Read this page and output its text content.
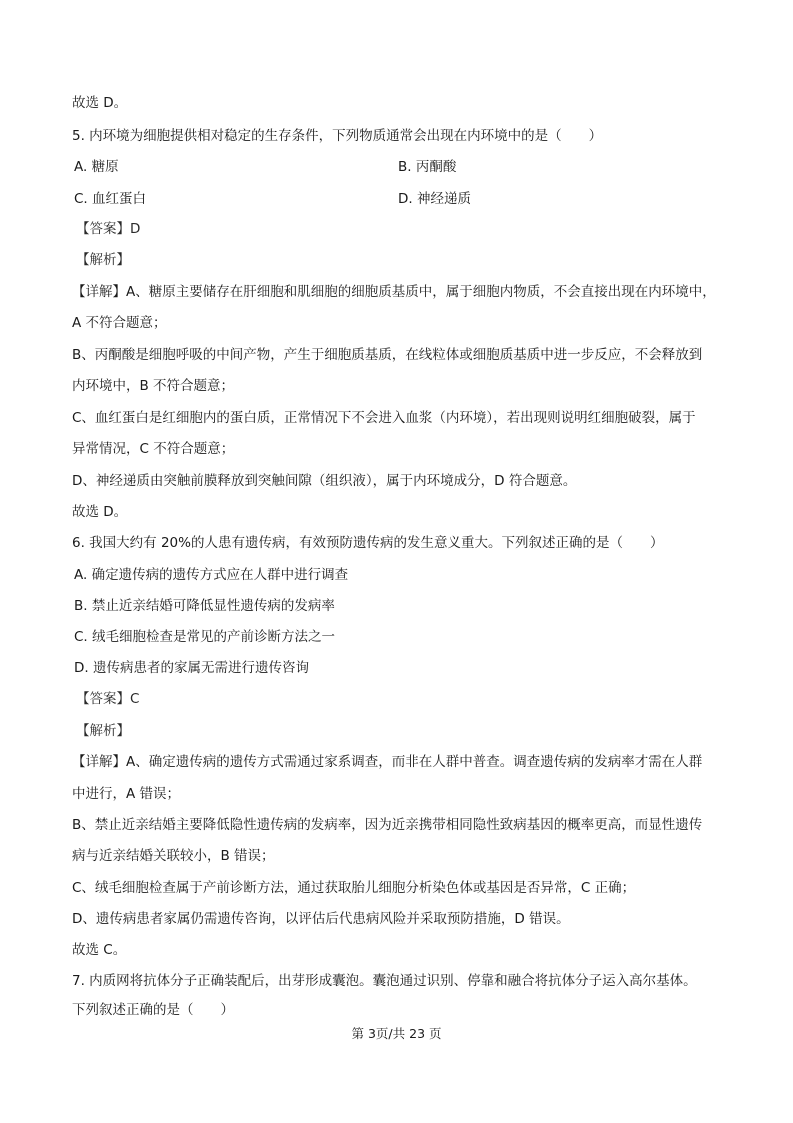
故选 D。
5. 内环境为细胞提供相对稳定的生存条件，下列物质通常会出现在内环境中的是（　　）
A. 糖原	B. 丙酮酸
C. 血红蛋白	D. 神经递质
【答案】D
【解析】
【详解】A、糖原主要储存在肝细胞和肌细胞的细胞质基质中，属于细胞内物质，不会直接出现在内环境中，
A 不符合题意；
B、丙酮酸是细胞呼吸的中间产物，产生于细胞质基质，在线粒体或细胞质基质中进一步反应，不会释放到
内环境中，B 不符合题意；
C、血红蛋白是红细胞内的蛋白质，正常情况下不会进入血浆（内环境），若出现则说明红细胞破裂，属于
异常情况，C 不符合题意；
D、神经递质由突触前膜释放到突触间隙（组织液），属于内环境成分，D 符合题意。
故选 D。
6. 我国大约有 20%的人患有遗传病，有效预防遗传病的发生意义重大。下列叙述正确的是（　　）
A. 确定遗传病的遗传方式应在人群中进行调查
B. 禁止近亲结婚可降低显性遗传病的发病率
C. 绒毛细胞检查是常见的产前诊断方法之一
D. 遗传病患者的家属无需进行遗传咨询
【答案】C
【解析】
【详解】A、确定遗传病的遗传方式需通过家系调查，而非在人群中普查。调查遗传病的发病率才需在人群
中进行，A 错误；
B、禁止近亲结婚主要降低隐性遗传病的发病率，因为近亲携带相同隐性致病基因的概率更高，而显性遗传
病与近亲结婚关联较小，B 错误；
C、绒毛细胞检查属于产前诊断方法，通过获取胎儿细胞分析染色体或基因是否异常，C 正确；
D、遗传病患者家属仍需遗传咨询，以评估后代患病风险并采取预防措施，D 错误。
故选 C。
7. 内质网将抗体分子正确装配后，出芽形成囊泡。囊泡通过识别、停靠和融合将抗体分子运入高尔基体。
下列叙述正确的是（　　）
第 3页/共 23 页
